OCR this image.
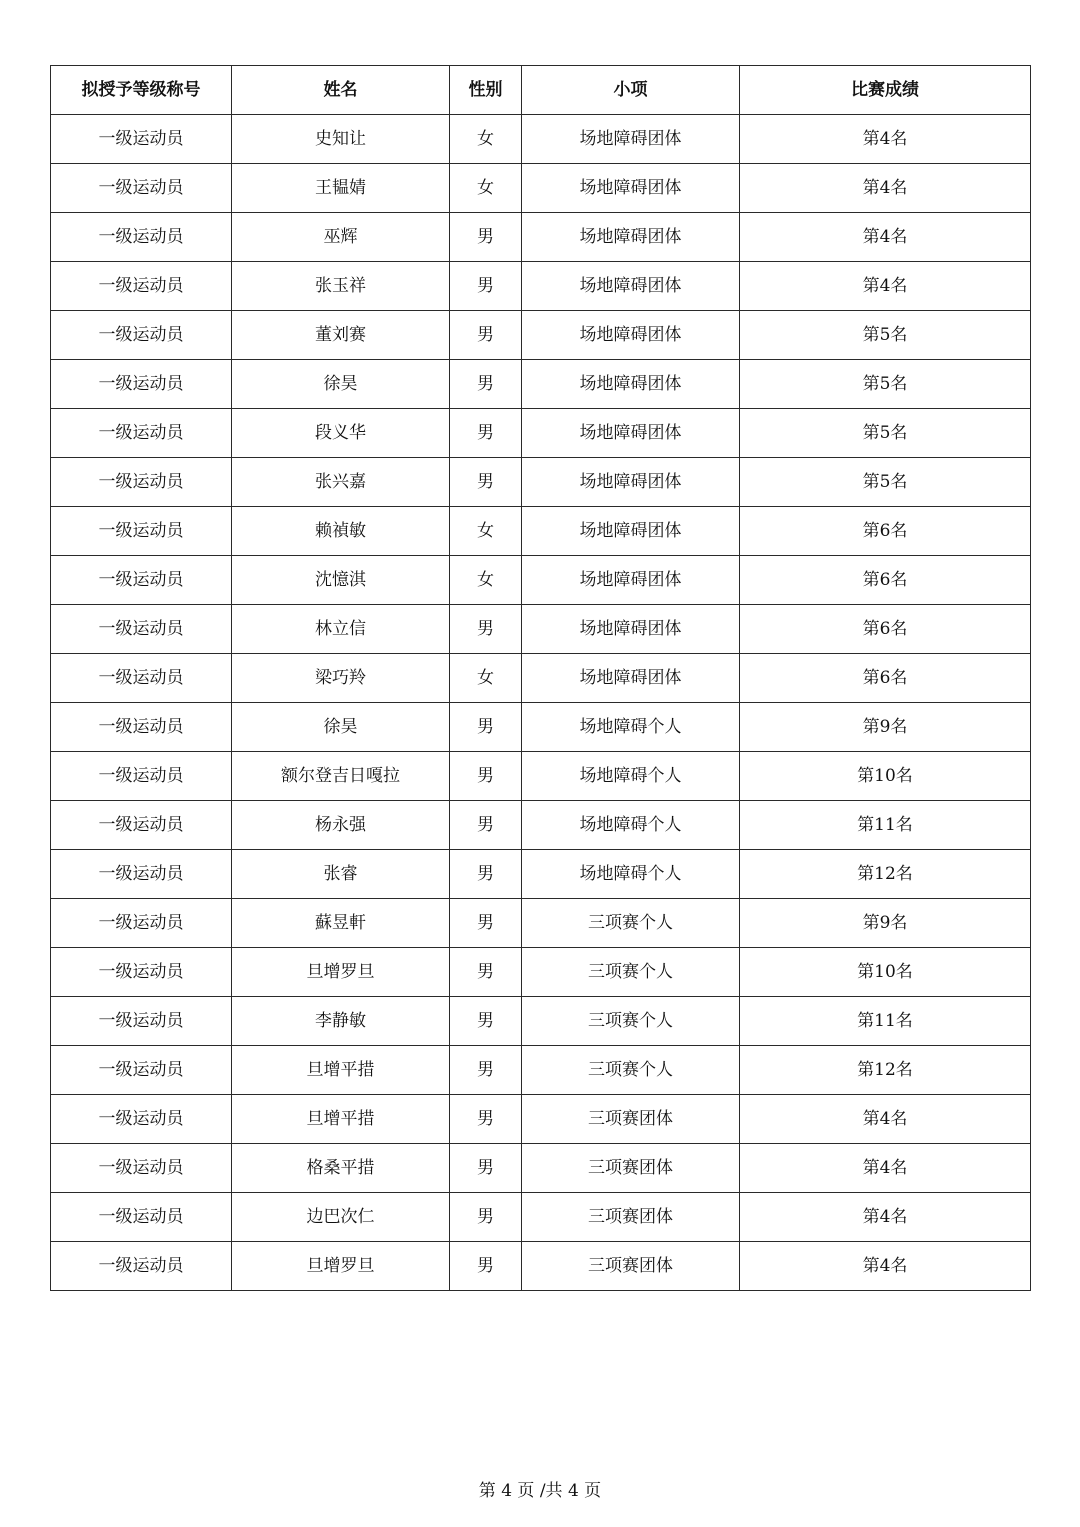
拟授予等级称号	姓名	性别	小项	比赛成绩
一级运动员	史知让	女	场地障碍团体	第4名
一级运动员	王韫婧	女	场地障碍团体	第4名
一级运动员	巫辉	男	场地障碍团体	第4名
一级运动员	张玉祥	男	场地障碍团体	第4名
一级运动员	董刘赛	男	场地障碍团体	第5名
一级运动员	徐昊	男	场地障碍团体	第5名
一级运动员	段义华	男	场地障碍团体	第5名
一级运动员	张兴嘉	男	场地障碍团体	第5名
一级运动员	赖禎敏	女	场地障碍团体	第6名
一级运动员	沈憶淇	女	场地障碍团体	第6名
一级运动员	林立信	男	场地障碍团体	第6名
一级运动员	梁巧羚	女	场地障碍团体	第6名
一级运动员	徐昊	男	场地障碍个人	第9名
一级运动员	额尔登吉日嘎拉	男	场地障碍个人	第10名
一级运动员	杨永强	男	场地障碍个人	第11名
一级运动员	张睿	男	场地障碍个人	第12名
一级运动员	蘇昱軒	男	三项赛个人	第9名
一级运动员	旦增罗旦	男	三项赛个人	第10名
一级运动员	李静敏	男	三项赛个人	第11名
一级运动员	旦增平措	男	三项赛个人	第12名
一级运动员	旦增平措	男	三项赛团体	第4名
一级运动员	格桑平措	男	三项赛团体	第4名
一级运动员	边巴次仁	男	三项赛团体	第4名
一级运动员	旦增罗旦	男	三项赛团体	第4名
第 4 页 /共 4 页
